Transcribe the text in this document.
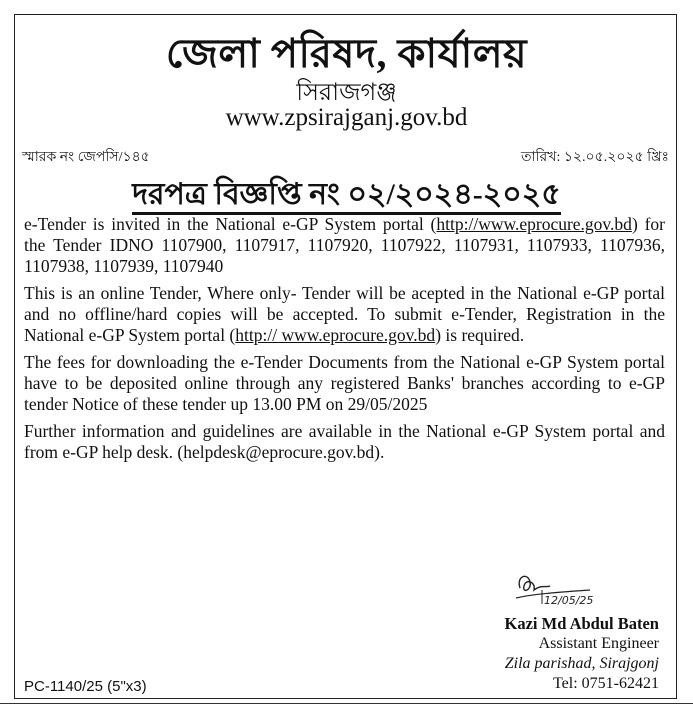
জেলা পরিষদ, কার্যালয়
সিরাজগঞ্জ
www.zpsirajganj.gov.bd
স্মারক নং জেপসি/১৪৫	তারিখ: ১২.০৫.২০২৫ খ্রিঃ
দরপত্র বিজ্ঞপ্তি নং ০২/২০২৪-২০২৫

e-Tender is invited in the National e-GP System portal (http://www.eprocure.gov.bd) for the Tender IDNO 1107900, 1107917, 1107920, 1107922, 1107931, 1107933, 1107936, 1107938, 1107939, 1107940

This is an online Tender, Where only- Tender will be acepted in the National e-GP portal and no offline/hard copies will be accepted. To submit e-Tender, Registration in the National e-GP System portal (http:// www.eprocure.gov.bd) is required.

The fees for downloading the e-Tender Documents from the National e-GP System portal have to be deposited online through any registered Banks' branches according to e-GP tender Notice of these tender up 13.00 PM on 29/05/2025

Further information and guidelines are available in the National e-GP System portal and from e-GP help desk. (helpdesk@eprocure.gov.bd).

12/05/25
Kazi Md Abdul Baten
Assistant Engineer
Zila parishad, Sirajgonj
Tel: 0751-62421
PC-1140/25 (5"x3)
